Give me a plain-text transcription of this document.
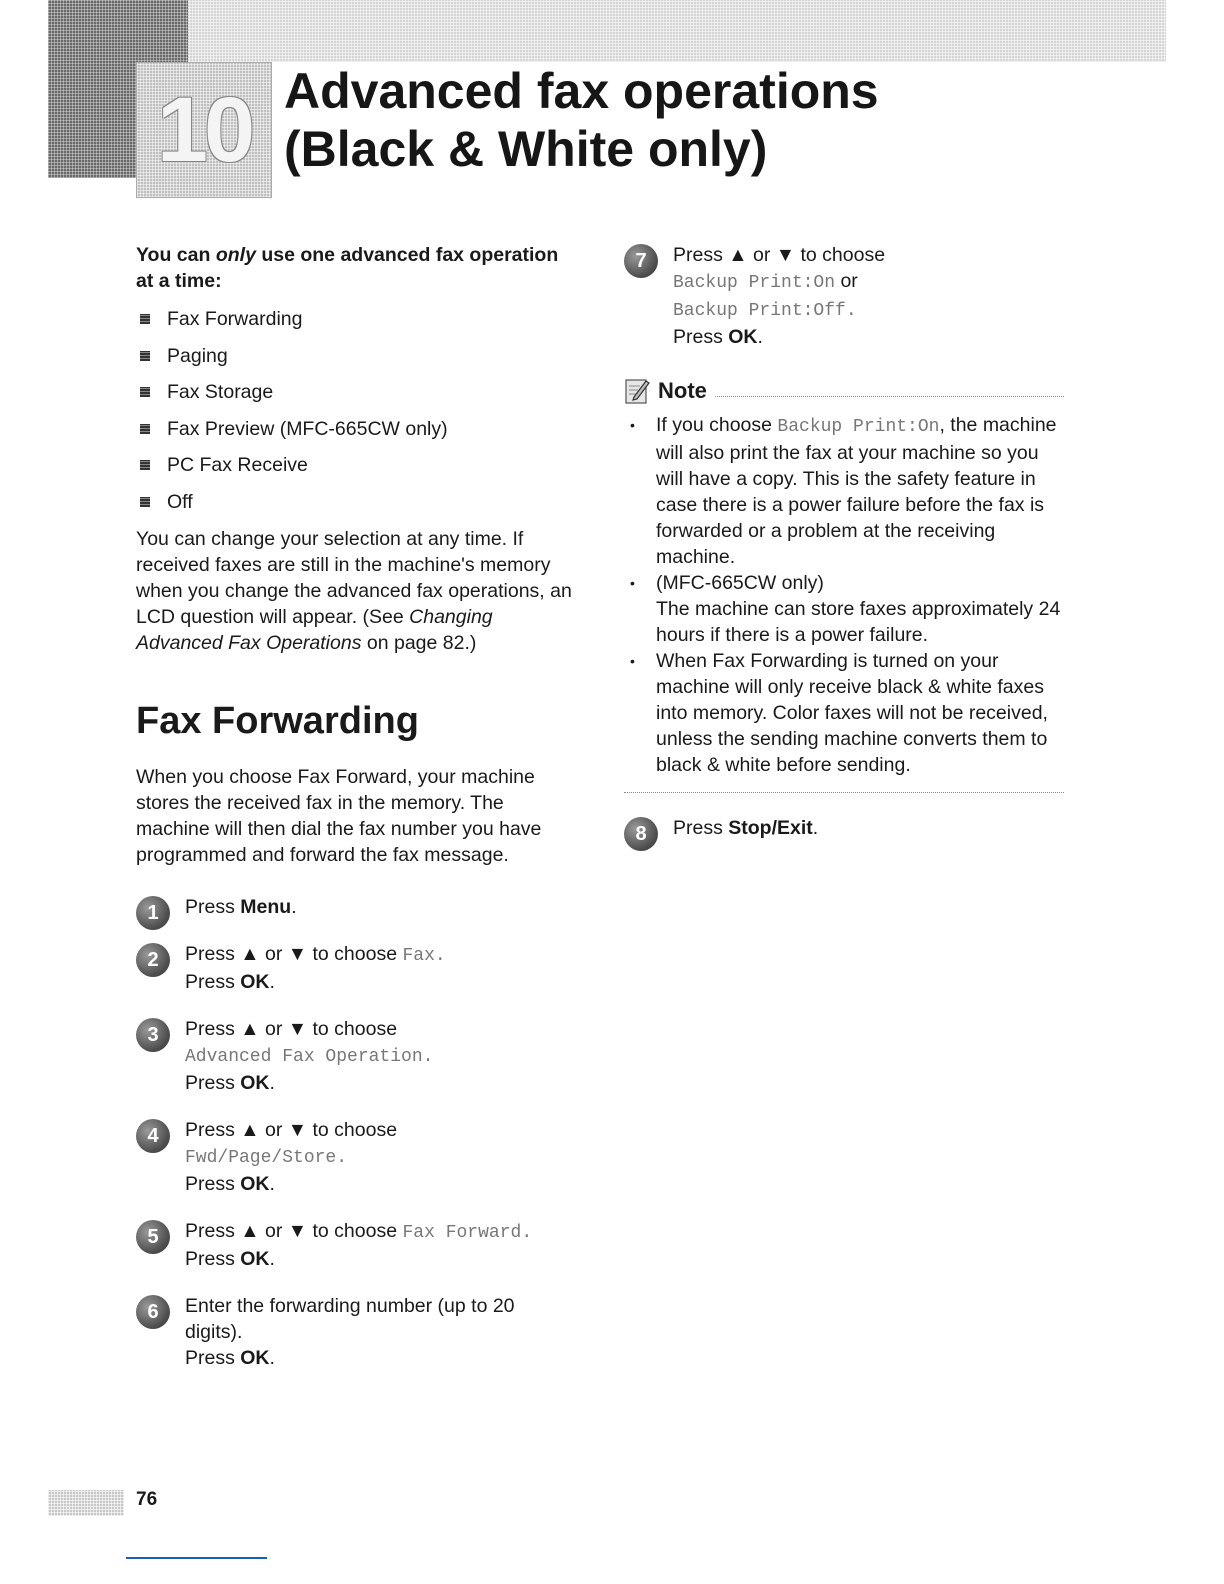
10 Advanced fax operations
(Black & White only)

You can only use one advanced fax operation at a time:

Fax Forwarding
Paging
Fax Storage
Fax Preview (MFC-665CW only)
PC Fax Receive
Off

You can change your selection at any time. If received faxes are still in the machine's memory when you change the advanced fax operations, an LCD question will appear. (See Changing Advanced Fax Operations on page 82.)

Fax Forwarding

When you choose Fax Forward, your machine stores the received fax in the memory. The machine will then dial the fax number you have programmed and forward the fax message.

1	Press Menu.
2	Press ▲ or ▼ to choose Fax.
Press OK.
3	Press ▲ or ▼ to choose
Advanced Fax Operation.
Press OK.
4	Press ▲ or ▼ to choose
Fwd/Page/Store.
Press OK.
5	Press ▲ or ▼ to choose Fax Forward.
Press OK.
6	Enter the forwarding number (up to 20 digits).
Press OK.
7	Press ▲ or ▼ to choose
Backup Print:On or
Backup Print:Off.
Press OK.
Note
• If you choose Backup Print:On, the machine will also print the fax at your machine so you will have a copy. This is the safety feature in case there is a power failure before the fax is forwarded or a problem at the receiving machine.
• (MFC-665CW only)
The machine can store faxes approximately 24 hours if there is a power failure.
• When Fax Forwarding is turned on your machine will only receive black & white faxes into memory. Color faxes will not be received, unless the sending machine converts them to black & white before sending.
8	Press Stop/Exit.
76
